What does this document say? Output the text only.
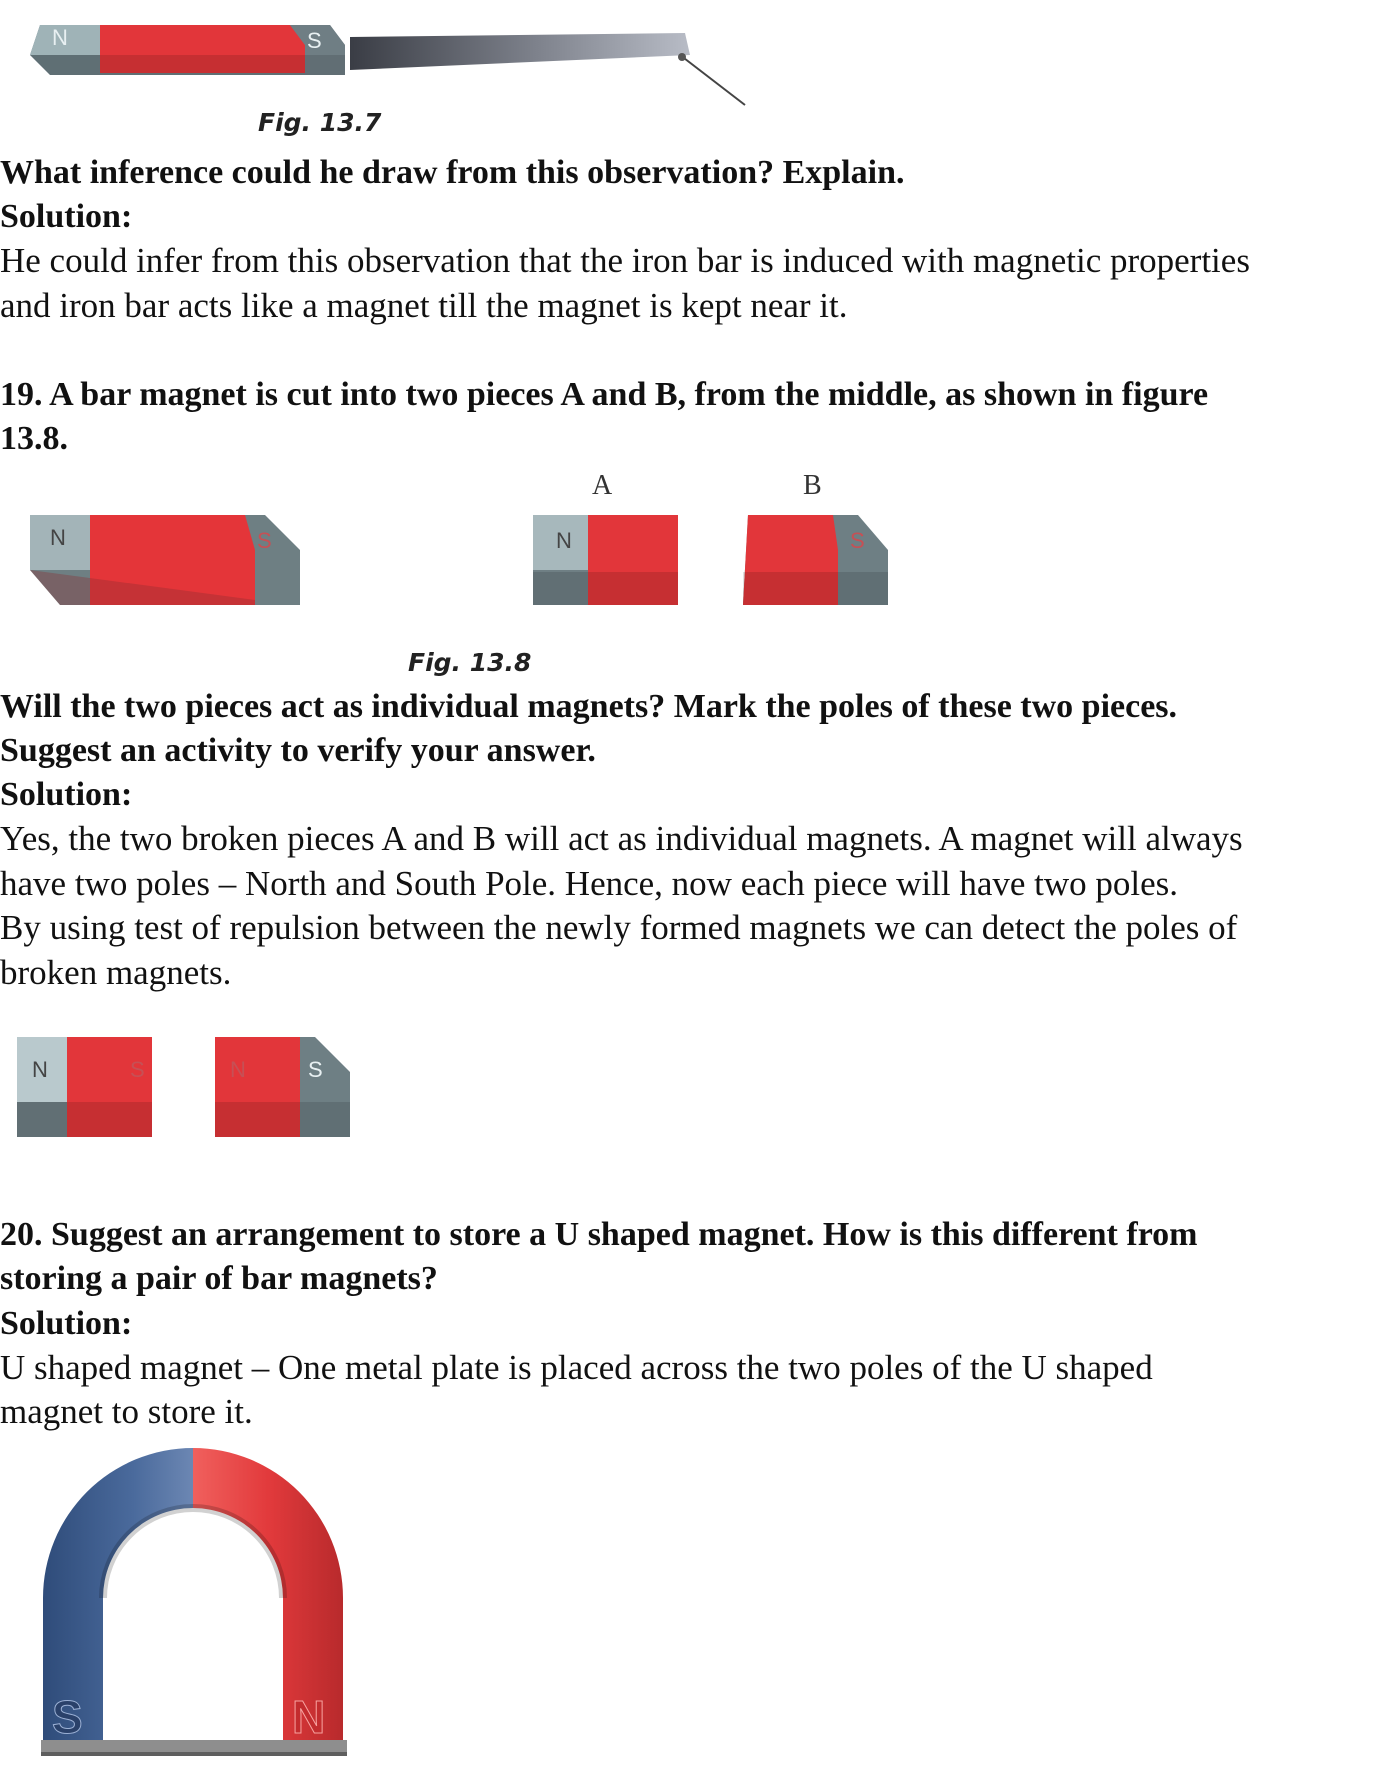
N	S
Fig. 13.7
What inference could he draw from this observation? Explain.
Solution:
He could infer from this observation that the iron bar is induced with magnetic properties
and iron bar acts like a magnet till the magnet is kept near it.
19. A bar magnet is cut into two pieces A and B, from the middle, as shown in figure
13.8.
A	B
N	S	N	S
Fig. 13.8
Will the two pieces act as individual magnets? Mark the poles of these two pieces.
Suggest an activity to verify your answer.
Solution:
Yes, the two broken pieces A and B will act as individual magnets. A magnet will always
have two poles – North and South Pole. Hence, now each piece will have two poles.
By using test of repulsion between the newly formed magnets we can detect the poles of
broken magnets.
N	S	N	S
20. Suggest an arrangement to store a U shaped magnet. How is this different from
storing a pair of bar magnets?
Solution:
U shaped magnet – One metal plate is placed across the two poles of the U shaped
magnet to store it.
S	N
